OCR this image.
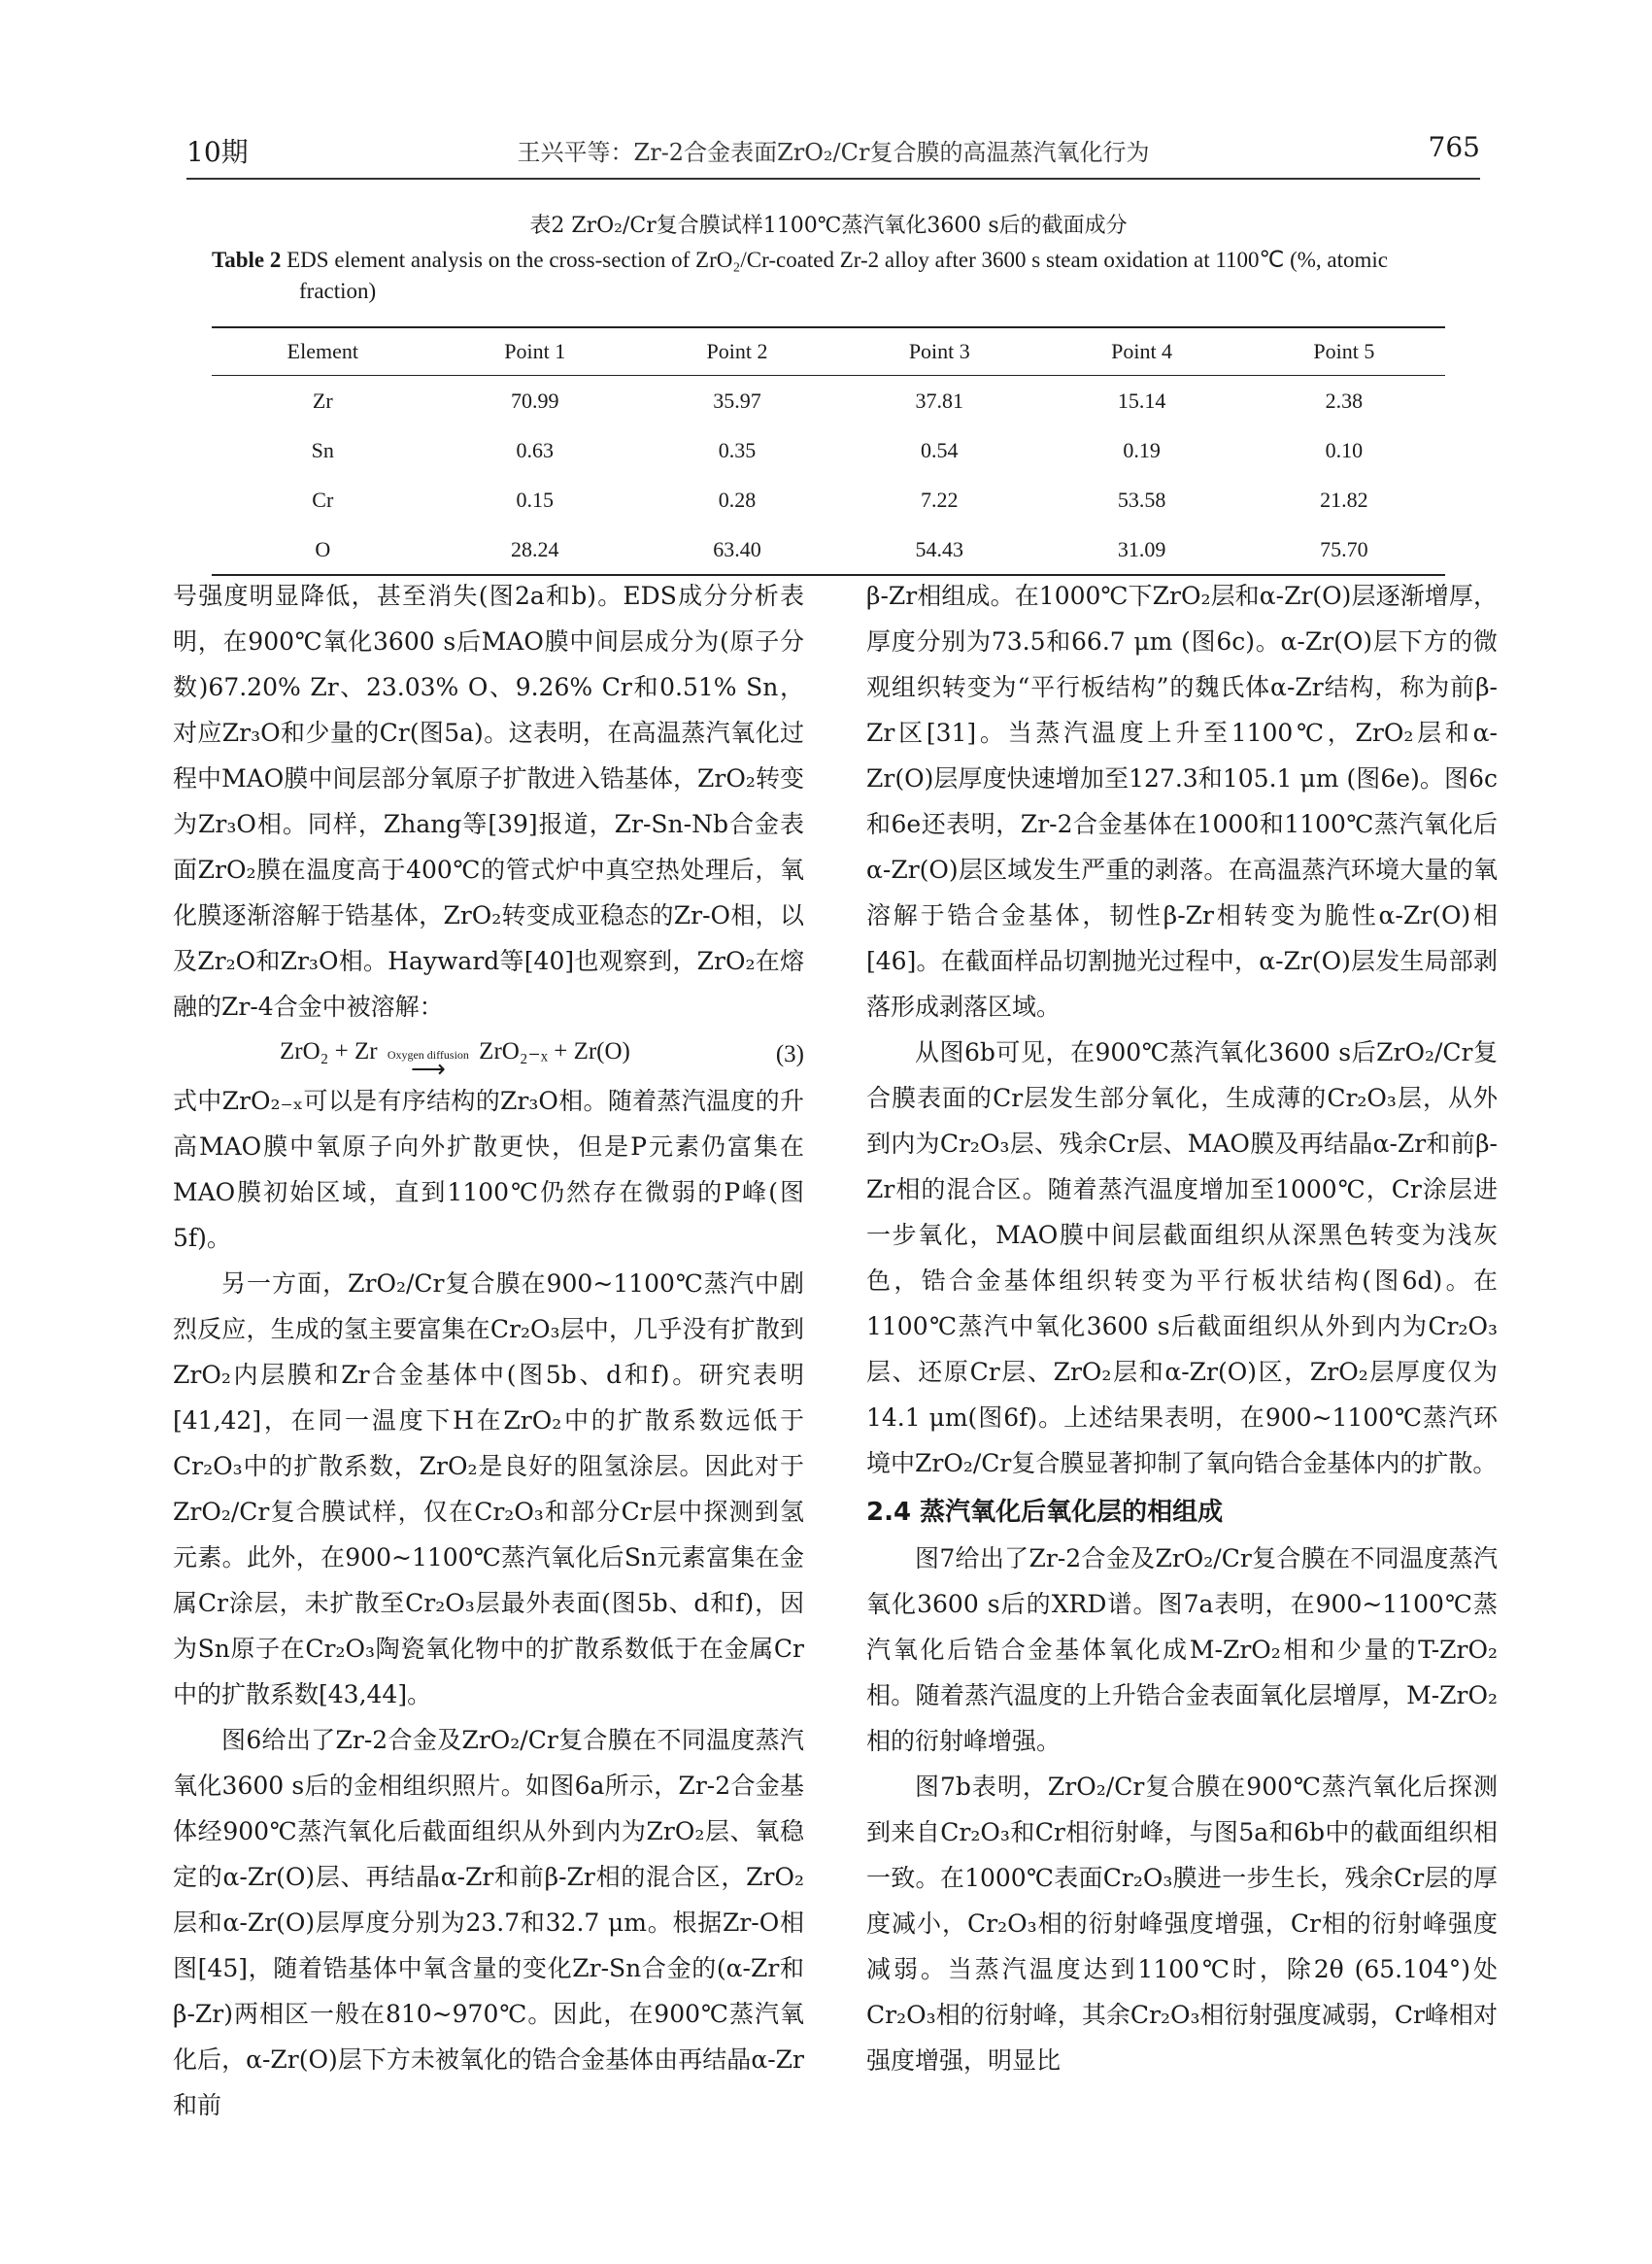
10期	王兴平等：Zr-2合金表面ZrO₂/Cr复合膜的高温蒸汽氧化行为	765
表2 ZrO₂/Cr复合膜试样1100℃蒸汽氧化3600 s后的截面成分
Table 2 EDS element analysis on the cross-section of ZrO₂/Cr-coated Zr-2 alloy after 3600 s steam oxidation at 1100℃ (%, atomic fraction)
Element	Point 1	Point 2	Point 3	Point 4	Point 5
Zr	70.99	35.97	37.81	15.14	2.38
Sn	0.63	0.35	0.54	0.19	0.10
Cr	0.15	0.28	7.22	53.58	21.82
O	28.24	63.40	54.43	31.09	75.70

号强度明显降低，甚至消失(图2a和b)。EDS成分分析表明，在900℃氧化3600 s后MAO膜中间层成分为(原子分数)67.20% Zr、23.03% O、9.26% Cr和0.51% Sn，对应Zr₃O和少量的Cr(图5a)。这表明，在高温蒸汽氧化过程中MAO膜中间层部分氧原子扩散进入锆基体，ZrO₂转变为Zr₃O相。同样，Zhang等[39]报道，Zr-Sn-Nb合金表面ZrO₂膜在温度高于400℃的管式炉中真空热处理后，氧化膜逐渐溶解于锆基体，ZrO₂转变成亚稳态的Zr-O相，以及Zr₂O和Zr₃O相。Hayward等[40]也观察到，ZrO₂在熔融的Zr-4合金中被溶解：

ZrO₂ + Zr Oxygen diffusion
⟶
ZrO₂₋ₓ + Zr(O)	(3)

式中ZrO₂₋ₓ可以是有序结构的Zr₃O相。随着蒸汽温度的升高MAO膜中氧原子向外扩散更快，但是P元素仍富集在MAO膜初始区域，直到1100℃仍然存在微弱的P峰(图5f)。

另一方面，ZrO₂/Cr复合膜在900~1100℃蒸汽中剧烈反应，生成的氢主要富集在Cr₂O₃层中，几乎没有扩散到ZrO₂内层膜和Zr合金基体中(图5b、d和f)。研究表明[41,42]，在同一温度下H在ZrO₂中的扩散系数远低于Cr₂O₃中的扩散系数，ZrO₂是良好的阻氢涂层。因此对于ZrO₂/Cr复合膜试样，仅在Cr₂O₃和部分Cr层中探测到氢元素。此外，在900~1100℃蒸汽氧化后Sn元素富集在金属Cr涂层，未扩散至Cr₂O₃层最外表面(图5b、d和f)，因为Sn原子在Cr₂O₃陶瓷氧化物中的扩散系数低于在金属Cr中的扩散系数[43,44]。

图6给出了Zr-2合金及ZrO₂/Cr复合膜在不同温度蒸汽氧化3600 s后的金相组织照片。如图6a所示，Zr-2合金基体经900℃蒸汽氧化后截面组织从外到内为ZrO₂层、氧稳定的α-Zr(O)层、再结晶α-Zr和前β-Zr相的混合区，ZrO₂层和α-Zr(O)层厚度分别为23.7和32.7 μm。根据Zr-O相图[45]，随着锆基体中氧含量的变化Zr-Sn合金的(α-Zr和β-Zr)两相区一般在810~970℃。因此，在900℃蒸汽氧化后，α-Zr(O)层下方未被氧化的锆合金基体由再结晶α-Zr和前

β-Zr相组成。在1000℃下ZrO₂层和α-Zr(O)层逐渐增厚，厚度分别为73.5和66.7 μm (图6c)。α-Zr(O)层下方的微观组织转变为“平行板结构”的魏氏体α-Zr结构，称为前β-Zr区[31]。当蒸汽温度上升至1100℃，ZrO₂层和α-Zr(O)层厚度快速增加至127.3和105.1 μm (图6e)。图6c和6e还表明，Zr-2合金基体在1000和1100℃蒸汽氧化后α-Zr(O)层区域发生严重的剥落。在高温蒸汽环境大量的氧溶解于锆合金基体，韧性β-Zr相转变为脆性α-Zr(O)相[46]。在截面样品切割抛光过程中，α-Zr(O)层发生局部剥落形成剥落区域。

从图6b可见，在900℃蒸汽氧化3600 s后ZrO₂/Cr复合膜表面的Cr层发生部分氧化，生成薄的Cr₂O₃层，从外到内为Cr₂O₃层、残余Cr层、MAO膜及再结晶α-Zr和前β-Zr相的混合区。随着蒸汽温度增加至1000℃，Cr涂层进一步氧化，MAO膜中间层截面组织从深黑色转变为浅灰色，锆合金基体组织转变为平行板状结构(图6d)。在1100℃蒸汽中氧化3600 s后截面组织从外到内为Cr₂O₃层、还原Cr层、ZrO₂层和α-Zr(O)区，ZrO₂层厚度仅为14.1 μm(图6f)。上述结果表明，在900~1100℃蒸汽环境中ZrO₂/Cr复合膜显著抑制了氧向锆合金基体内的扩散。

2.4 蒸汽氧化后氧化层的相组成

图7给出了Zr-2合金及ZrO₂/Cr复合膜在不同温度蒸汽氧化3600 s后的XRD谱。图7a表明，在900~1100℃蒸汽氧化后锆合金基体氧化成M-ZrO₂相和少量的T-ZrO₂相。随着蒸汽温度的上升锆合金表面氧化层增厚，M-ZrO₂相的衍射峰增强。

图7b表明，ZrO₂/Cr复合膜在900℃蒸汽氧化后探测到来自Cr₂O₃和Cr相衍射峰，与图5a和6b中的截面组织相一致。在1000℃表面Cr₂O₃膜进一步生长，残余Cr层的厚度减小，Cr₂O₃相的衍射峰强度增强，Cr相的衍射峰强度减弱。当蒸汽温度达到1100℃时，除2θ (65.104°)处Cr₂O₃相的衍射峰，其余Cr₂O₃相衍射强度减弱，Cr峰相对强度增强，明显比
